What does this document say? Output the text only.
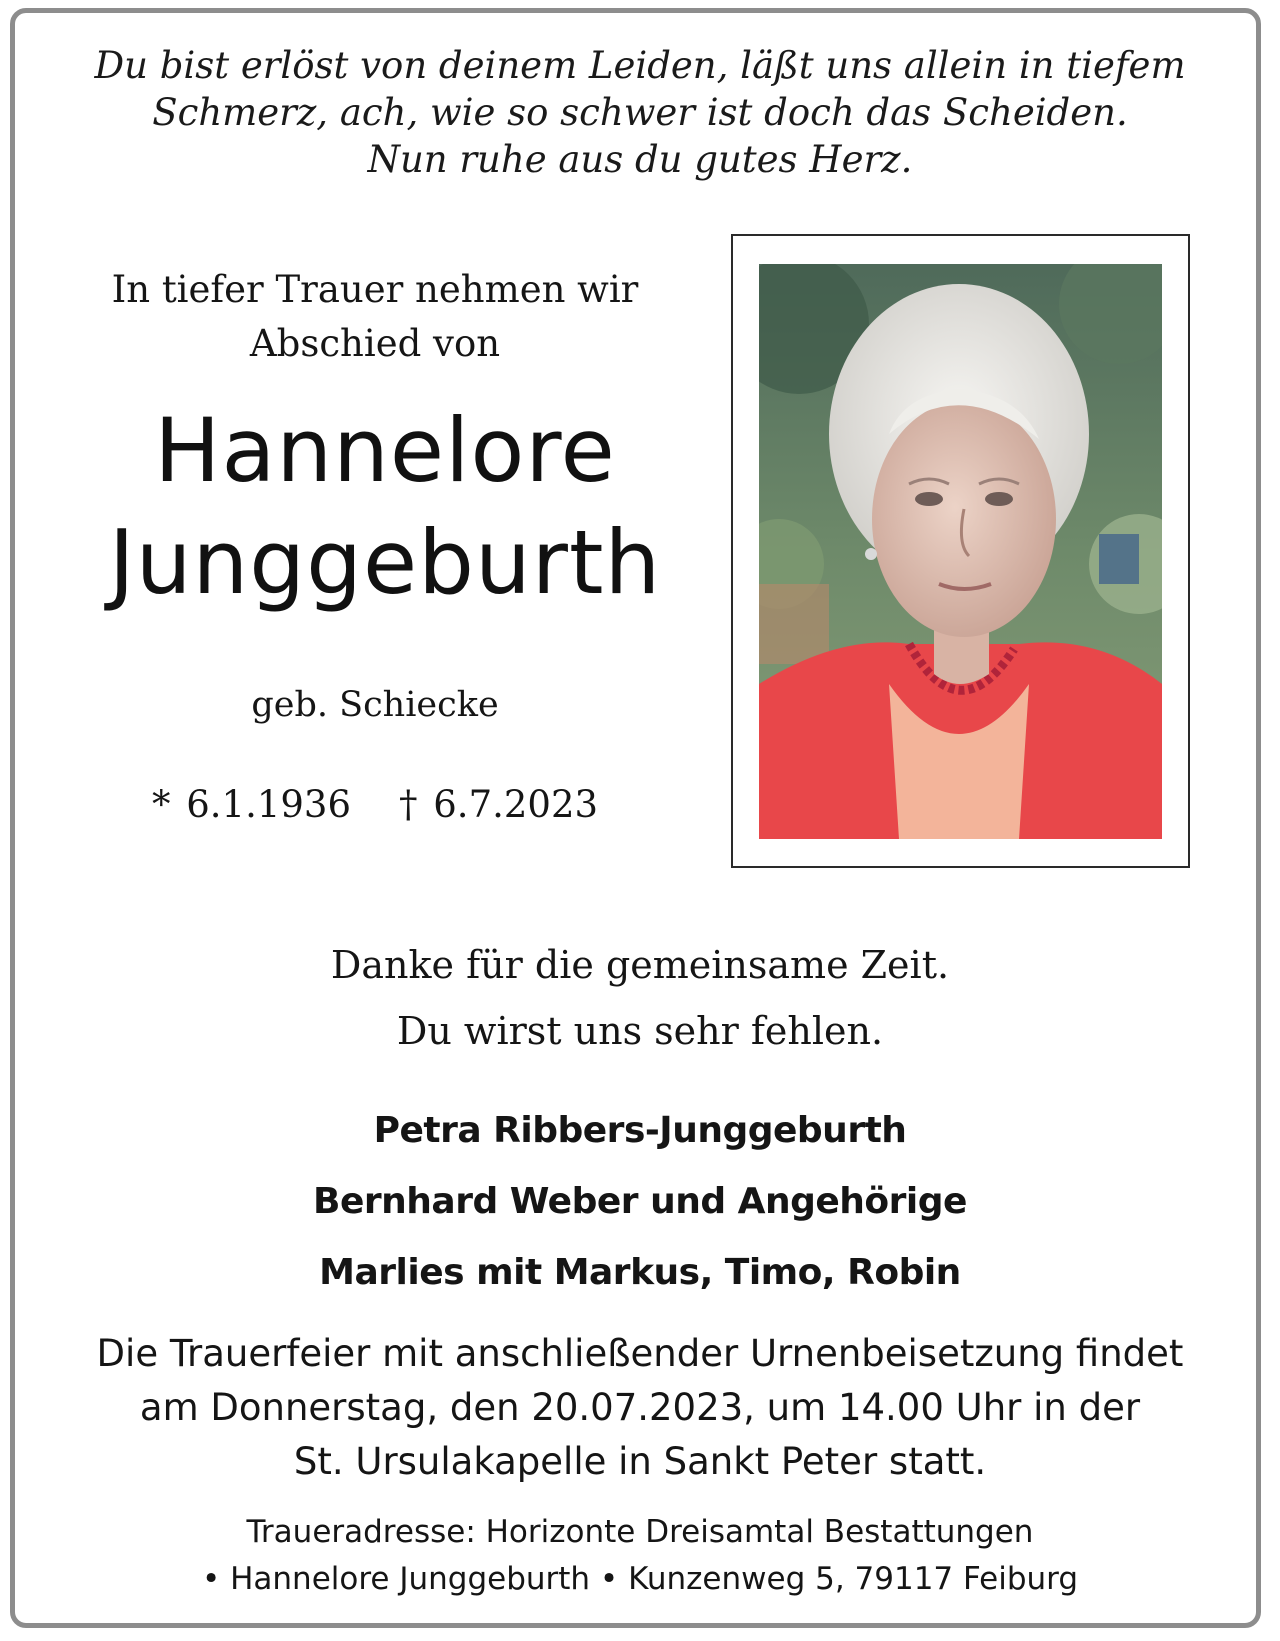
Du bist erlöst von deinem Leiden, läßt uns allein in tiefem
Schmerz, ach, wie so schwer ist doch das Scheiden.
Nun ruhe aus du gutes Herz.
In tiefer Trauer nehmen wir
Abschied von
Hannelore
Junggeburth
geb. Schiecke
* 6.1.1936 † 6.7.2023
Danke für die gemeinsame Zeit.
Du wirst uns sehr fehlen.
Petra Ribbers-Junggeburth
Bernhard Weber und Angehörige
Marlies mit Markus, Timo, Robin
Die Trauerfeier mit anschließender Urnenbeisetzung findet
am Donnerstag, den 20.07.2023, um 14.00 Uhr in der
St. Ursulakapelle in Sankt Peter statt.
Traueradresse: Horizonte Dreisamtal Bestattungen
• Hannelore Junggeburth • Kunzenweg 5, 79117 Feiburg
